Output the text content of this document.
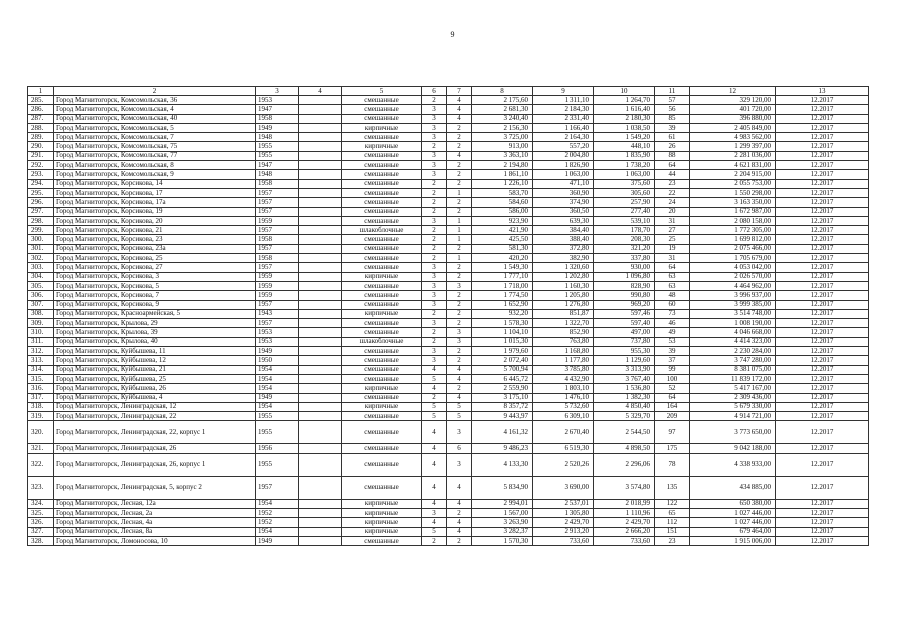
9
1	2	3	4	5	6	7	8	9	10	11	12	13
285.	Город Магнитогорск, Комсомольская, 36	1953		смешанные	2	4	2 175,60	1 311,10	1 264,70	57	329 120,00	12.2017
286.	Город Магнитогорск, Комсомольская, 4	1947		смешанные	3	4	2 681,30	2 184,30	1 616,40	56	401 720,00	12.2017
287.	Город Магнитогорск, Комсомольская, 40	1958		смешанные	3	4	3 240,40	2 331,40	2 180,30	85	396 880,00	12.2017
288.	Город Магнитогорск, Комсомольская, 5	1949		кирпичные	3	2	2 156,30	1 166,40	1 038,50	39	2 405 849,00	12.2017
289.	Город Магнитогорск, Комсомольская, 7	1948		смешанные	3	2	3 725,00	2 164,30	1 549,20	61	4 983 562,00	12.2017
290.	Город Магнитогорск, Комсомольская, 75	1955		кирпичные	2	2	913,00	557,20	448,10	26	1 299 397,00	12.2017
291.	Город Магнитогорск, Комсомольская, 77	1955		смешанные	3	4	3 363,10	2 004,80	1 835,90	88	2 281 036,00	12.2017
292.	Город Магнитогорск, Комсомольская, 8	1947		смешанные	3	2	2 194,80	1 826,90	1 738,20	64	4 621 831,00	12.2017
293.	Город Магнитогорск, Комсомольская, 9	1948		смешанные	3	2	1 861,10	1 063,00	1 063,00	44	2 204 915,00	12.2017
294.	Город Магнитогорск, Корсикова, 14	1958		смешанные	2	2	1 226,10	471,10	375,60	23	2 055 753,00	12.2017
295.	Город Магнитогорск, Корсикова, 17	1957		смешанные	2	1	583,70	360,90	305,60	22	1 550 298,00	12.2017
296.	Город Магнитогорск, Корсикова, 17а	1957		смешанные	2	2	584,60	374,90	257,90	24	3 163 350,00	12.2017
297.	Город Магнитогорск, Корсикова, 19	1957		смешанные	2	2	586,00	360,50	277,40	20	1 672 987,00	12.2017
298.	Город Магнитогорск, Корсикова, 20	1959		смешанные	3	1	923,90	639,30	539,10	31	2 080 158,00	12.2017
299.	Город Магнитогорск, Корсикова, 21	1957		шлакоблочные	2	1	421,90	384,40	178,70	27	1 772 305,00	12.2017
300.	Город Магнитогорск, Корсикова, 23	1958		смешанные	2	1	425,50	388,40	208,30	25	1 699 812,00	12.2017
301.	Город Магнитогорск, Корсикова, 23а	1957		смешанные	2	2	581,30	372,80	321,20	19	2 075 466,00	12.2017
302.	Город Магнитогорск, Корсикова, 25	1958		смешанные	2	1	420,20	382,90	337,80	31	1 705 679,00	12.2017
303.	Город Магнитогорск, Корсикова, 27	1957		смешанные	3	2	1 549,30	1 320,60	930,00	64	4 053 042,00	12.2017
304.	Город Магнитогорск, Корсикова, 3	1959		кирпичные	3	2	1 777,10	1 202,80	1 096,80	63	2 026 570,00	12.2017
305.	Город Магнитогорск, Корсикова, 5	1959		смешанные	3	3	1 718,00	1 160,30	828,90	63	4 464 962,00	12.2017
306.	Город Магнитогорск, Корсикова, 7	1959		смешанные	3	2	1 774,50	1 205,80	990,80	48	3 996 937,00	12.2017
307.	Город Магнитогорск, Корсикова, 9	1957		смешанные	3	2	1 652,90	1 276,80	969,20	60	3 999 385,00	12.2017
308.	Город Магнитогорск, Красноармейская, 5	1943		кирпичные	2	2	932,20	851,87	597,46	73	3 514 748,00	12.2017
309.	Город Магнитогорск, Крылова, 29	1957		смешанные	3	2	1 578,30	1 322,70	597,40	46	1 008 190,00	12.2017
310.	Город Магнитогорск, Крылова, 39	1953		смешанные	2	3	1 104,10	852,90	497,00	49	4 046 668,00	12.2017
311.	Город Магнитогорск, Крылова, 40	1953		шлакоблочные	2	3	1 015,30	763,80	737,80	53	4 414 323,00	12.2017
312.	Город Магнитогорск, Куйбышева, 11	1949		смешанные	3	2	1 979,60	1 168,80	955,30	39	2 230 284,00	12.2017
313.	Город Магнитогорск, Куйбышева, 12	1950		смешанные	3	2	2 072,40	1 177,80	1 129,60	37	3 747 280,00	12.2017
314.	Город Магнитогорск, Куйбышева, 21	1954		смешанные	4	4	5 700,94	3 785,80	3 313,90	99	8 381 075,00	12.2017
315.	Город Магнитогорск, Куйбышева, 25	1954		смешанные	5	4	6 445,72	4 432,90	3 767,40	100	11 839 172,00	12.2017
316.	Город Магнитогорск, Куйбышева, 26	1954		кирпичные	4	2	2 559,90	1 803,10	1 536,80	52	5 417 167,00	12.2017
317.	Город Магнитогорск, Куйбышева, 4	1949		смешанные	2	4	3 175,10	1 476,10	1 382,30	64	2 309 436,00	12.2017
318.	Город Магнитогорск, Ленинградская, 12	1954		кирпичные	5	5	8 357,72	5 732,60	4 850,40	164	5 679 330,00	12.2017
319.	Город Магнитогорск, Ленинградская, 22	1955		смешанные	5	5	9 443,97	6 309,10	5 329,70	209	4 914 721,00	12.2017
320.	Город Магнитогорск, Ленинградская, 22, корпус 1	1955		смешанные	4	3	4 161,32	2 670,40	2 544,50	97	3 773 650,00	12.2017
321.	Город Магнитогорск, Ленинградская, 26	1956		смешанные	4	6	9 486,23	6 519,30	4 898,50	175	9 042 188,00	12.2017
322.	Город Магнитогорск, Ленинградская, 26, корпус 1	1955		смешанные	4	3	4 133,30	2 520,26	2 296,06	78	4 338 933,00	12.2017
323.	Город Магнитогорск, Ленинградская, 5, корпус 2	1957		смешанные	4	4	5 834,90	3 690,00	3 574,80	135	434 885,00	12.2017
324.	Город Магнитогорск, Лесная, 12а	1954		кирпичные	4	4	2 994,01	2 537,01	2 018,99	122	650 380,00	12.2017
325.	Город Магнитогорск, Лесная, 2а	1952		кирпичные	3	2	1 567,00	1 305,80	1 110,96	65	1 027 446,00	12.2017
326.	Город Магнитогорск, Лесная, 4а	1952		кирпичные	4	4	3 263,90	2 429,70	2 429,70	112	1 027 446,00	12.2017
327.	Город Магнитогорск, Лесная, 8а	1954		кирпичные	5	4	3 282,37	2 913,20	2 666,20	151	679 464,00	12.2017
328.	Город Магнитогорск, Ломоносова, 10	1949		смешанные	2	2	1 570,30	733,60	733,60	23	1 915 006,00	12.2017
